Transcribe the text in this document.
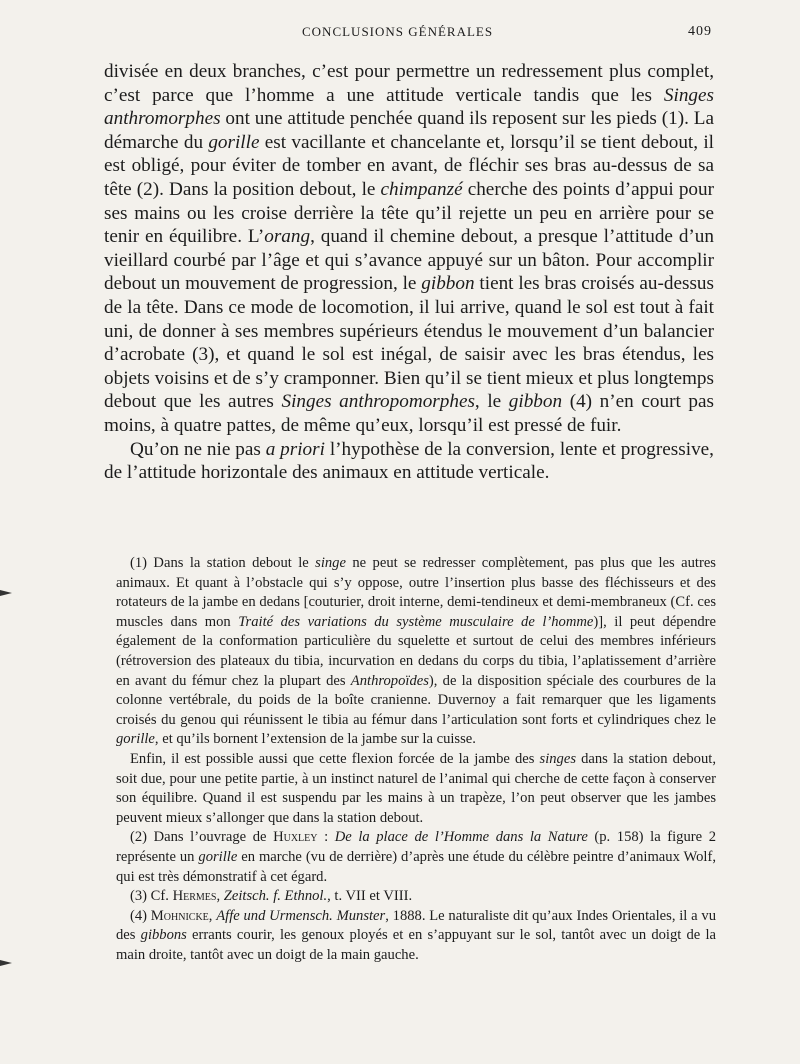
CONCLUSIONS GÉNÉRALES	409

divisée en deux branches, c’est pour permettre un redressement plus complet, c’est parce que l’homme a une attitude verticale tandis que les Singes anthromorphes ont une attitude penchée quand ils reposent sur les pieds (1). La démarche du gorille est vacillante et chancelante et, lorsqu’il se tient debout, il est obligé, pour éviter de tomber en avant, de fléchir ses bras au-dessus de sa tête (2). Dans la position debout, le chimpanzé cherche des points d’appui pour ses mains ou les croise derrière la tête qu’il rejette un peu en arrière pour se tenir en équilibre. L’orang, quand il chemine debout, a presque l’attitude d’un vieillard courbé par l’âge et qui s’avance appuyé sur un bâton. Pour accomplir debout un mouvement de progression, le gibbon tient les bras croisés au-dessus de la tête. Dans ce mode de locomotion, il lui arrive, quand le sol est tout à fait uni, de donner à ses membres supérieurs étendus le mouvement d’un balancier d’acrobate (3), et quand le sol est inégal, de saisir avec les bras étendus, les objets voisins et de s’y cramponner. Bien qu’il se tient mieux et plus longtemps debout que les autres Singes anthropomorphes, le gibbon (4) n’en court pas moins, à quatre pattes, de même qu’eux, lorsqu’il est pressé de fuir.

Qu’on ne nie pas a priori l’hypothèse de la conversion, lente et progressive, de l’attitude horizontale des animaux en attitude verticale.

(1) Dans la station debout le singe ne peut se redresser complètement, pas plus que les autres animaux. Et quant à l’obstacle qui s’y oppose, outre l’insertion plus basse des fléchisseurs et des rotateurs de la jambe en dedans [couturier, droit interne, demi-tendineux et demi-membraneux (Cf. ces muscles dans mon Traité des variations du système musculaire de l’homme)], il peut dépendre également de la conformation particulière du squelette et surtout de celui des membres inférieurs (rétroversion des plateaux du tibia, incurvation en dedans du corps du tibia, l’aplatissement d’arrière en avant du fémur chez la plupart des Anthropoïdes), de la disposition spéciale des courbures de la colonne vertébrale, du poids de la boîte cranienne. Duvernoy a fait remarquer que les ligaments croisés du genou qui réunissent le tibia au fémur dans l’articulation sont forts et cylindriques chez le gorille, et qu’ils bornent l’extension de la jambe sur la cuisse.

Enfin, il est possible aussi que cette flexion forcée de la jambe des singes dans la station debout, soit due, pour une petite partie, à un instinct naturel de l’animal qui cherche de cette façon à conserver son équilibre. Quand il est suspendu par les mains à un trapèze, l’on peut observer que les jambes peuvent mieux s’allonger que dans la station debout.

(2) Dans l’ouvrage de Huxley : De la place de l’Homme dans la Nature (p. 158) la figure 2 représente un gorille en marche (vu de derrière) d’après une étude du célèbre peintre d’animaux Wolf, qui est très démonstratif à cet égard.

(3) Cf. Hermes, Zeitsch. f. Ethnol., t. VII et VIII.

(4) Mohnicke, Affe und Urmensch. Munster, 1888. Le naturaliste dit qu’aux Indes Orientales, il a vu des gibbons errants courir, les genoux ployés et en s’appuyant sur le sol, tantôt avec un doigt de la main droite, tantôt avec un doigt de la main gauche.
